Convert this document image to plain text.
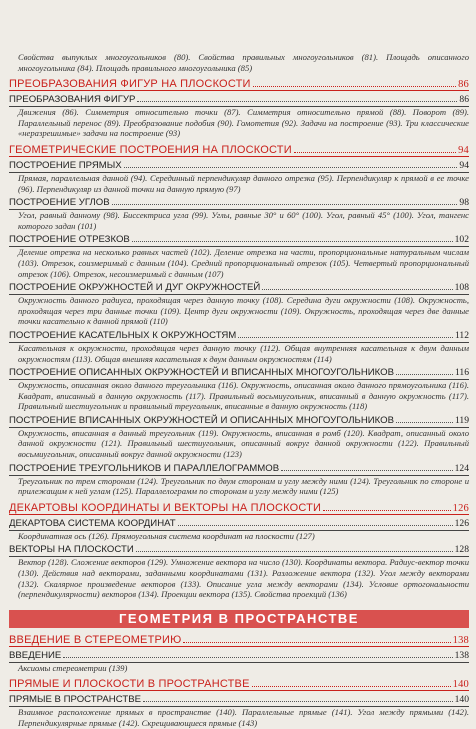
Свойства выпуклых многоугольников (80). Свойства правильных многоугольников (81). Площадь описанного многоугольника (84). Площадь правильного многоугольника (85)
ПРЕОБРАЗОВАНИЯ ФИГУР НА ПЛОСКОСТИ	86
ПРЕОБРАЗОВАНИЯ ФИГУР	86
Движения (86). Симметрия относительно точки (87). Симметрия относительно прямой (88). Поворот (89). Параллельный перенос (89). Преобразование подобия (90). Гомотетия (92). Задачи на построение (93). Три классические «неразрешимые» задачи на построение (93)
ГЕОМЕТРИЧЕСКИЕ ПОСТРОЕНИЯ НА ПЛОСКОСТИ	94
ПОСТРОЕНИЕ ПРЯМЫХ	94
Прямая, параллельная данной (94). Серединный перпендикуляр данного отрезка (95). Перпендикуляр к прямой в ее точке (96). Перпендикуляр из данной точки на данную прямую (97)
ПОСТРОЕНИЕ УГЛОВ	98
Угол, равный данному (98). Биссектриса угла (99). Углы, равные 30° и 60° (100). Угол, равный 45° (100). Угол, тангенс которого задан (101)
ПОСТРОЕНИЕ ОТРЕЗКОВ	102
Деление отрезка на несколько равных частей (102). Деление отрезка на части, пропорциональные натуральным числам (103). Отрезок, соизмеримый с данным (104). Средний пропорциональный отрезок (105). Четвертый пропорциональный отрезок (106). Отрезок, несоизмеримый с данным (107)
ПОСТРОЕНИЕ ОКРУЖНОСТЕЙ И ДУГ ОКРУЖНОСТЕЙ	108
Окружность данного радиуса, проходящая через данную точку (108). Середина дуги окружности (108). Окружность, проходящая через три данные точки (109). Центр дуги окружности (109). Окружность, проходящая через две данные точки касательно к данной прямой (110)
ПОСТРОЕНИЕ КАСАТЕЛЬНЫХ К ОКРУЖНОСТЯМ	112
Касательная к окружности, проходящая через данную точку (112). Общая внутренняя касательная к двум данным окружностям (113). Общая внешняя касательная к двум данным окружностям (114)
ПОСТРОЕНИЕ ОПИСАННЫХ ОКРУЖНОСТЕЙ И ВПИСАННЫХ МНОГОУГОЛЬНИКОВ	116
Окружность, описанная около данного треугольника (116). Окружность, описанная около данного прямоугольника (116). Квадрат, вписанный в данную окружность (117). Правильный восьмиугольник, вписанный в данную окружность (117). Правильный шестиугольник и правильный треугольник, вписанные в данную окружность (118)
ПОСТРОЕНИЕ ВПИСАННЫХ ОКРУЖНОСТЕЙ И ОПИСАННЫХ МНОГОУГОЛЬНИКОВ	119
Окружность, вписанная в данный треугольник (119). Окружность, вписанная в ромб (120). Квадрат, описанный около данной окружности (121). Правильный шестиугольник, описанный вокруг данной окружности (122). Правильный восьмиугольник, описанный вокруг данной окружности (123)
ПОСТРОЕНИЕ ТРЕУГОЛЬНИКОВ И ПАРАЛЛЕЛОГРАММОВ	124
Треугольник по трем сторонам (124). Треугольник по двум сторонам и углу между ними (124). Треугольник по стороне и прилежащим к ней углам (125). Параллелограмм по сторонам и углу между ними (125)
ДЕКАРТОВЫ КООРДИНАТЫ И ВЕКТОРЫ НА ПЛОСКОСТИ	126
ДЕКАРТОВА СИСТЕМА КООРДИНАТ	126
Координатная ось (126). Прямоугольная система координат на плоскости (127)
ВЕКТОРЫ НА ПЛОСКОСТИ	128
Вектор (128). Сложение векторов (129). Умножение вектора на число (130). Координаты вектора. Радиус-вектор точки (130). Действия над векторами, заданными координатами (131). Разложение вектора (132). Угол между векторами (132). Скалярное произведение векторов (133). Описание угла между векторами (134). Условие ортогональности (перпендикулярности) векторов (134). Проекции вектора (135). Свойства проекций (136)
ГЕОМЕТРИЯ В ПРОСТРАНСТВЕ
ВВЕДЕНИЕ В СТЕРЕОМЕТРИЮ	138
ВВЕДЕНИЕ	138
Аксиомы стереометрии (139)
ПРЯМЫЕ И ПЛОСКОСТИ В ПРОСТРАНСТВЕ	140
ПРЯМЫЕ В ПРОСТРАНСТВЕ	140
Взаимное расположение прямых в пространстве (140). Параллельные прямые (141). Угол между прямыми (142). Перпендикулярные прямые (142). Скрещивающиеся прямые (143)
